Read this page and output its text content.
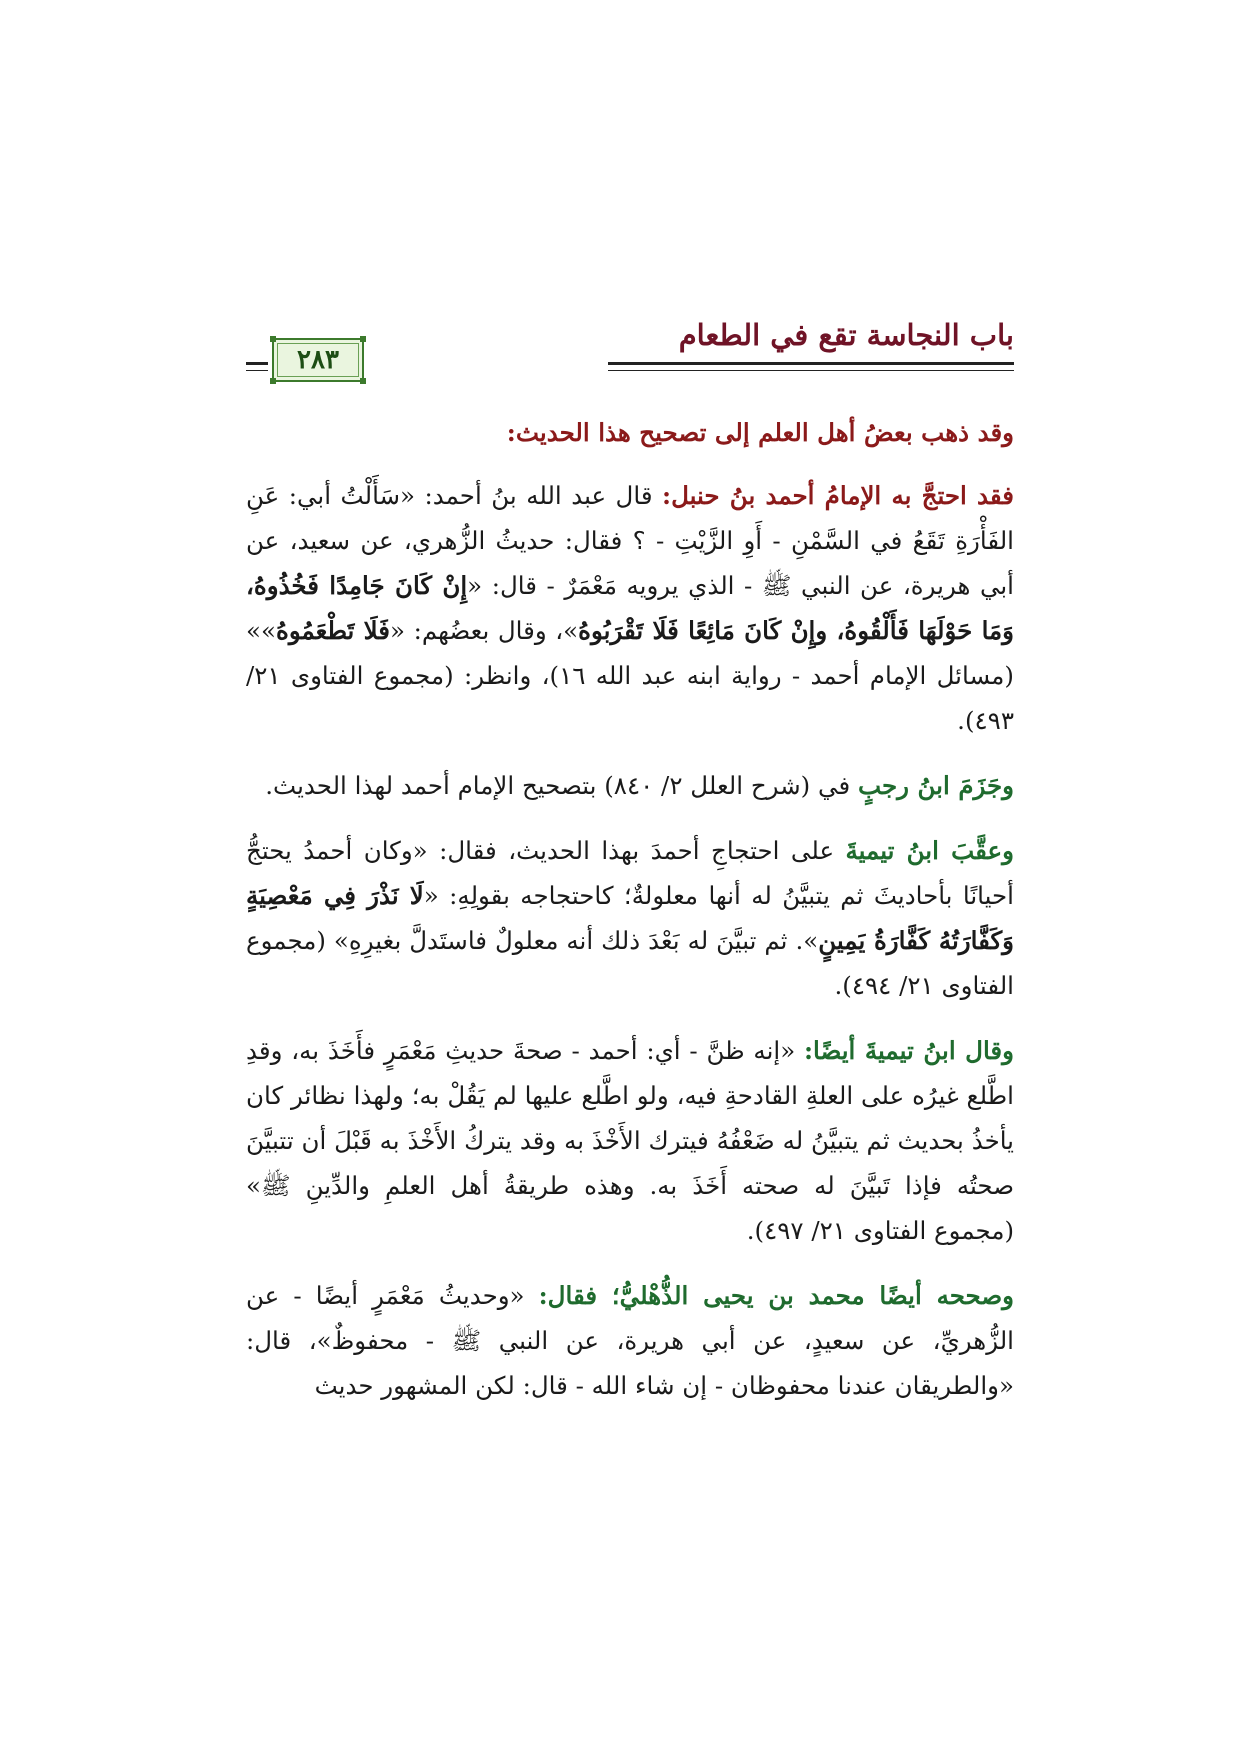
باب النجاسة تقع في الطعام
٢٨٣

وقد ذهب بعضُ أهل العلم إلى تصحيح هذا الحديث:

فقد احتجَّ به الإمامُ أحمد بنُ حنبل: قال عبد الله بنُ أحمد: «سَأَلْتُ أبي: عَنِ الفَأْرَةِ تَقَعُ في السَّمْنِ - أَوِ الزَّيْتِ - ؟ فقال: حديثُ الزُّهري، عن سعيد، عن أبي هريرة، عن النبي ﷺ - الذي يرويه مَعْمَرٌ - قال: «إِنْ كَانَ جَامِدًا فَخُذُوهُ، وَمَا حَوْلَهَا فَأَلْقُوهُ، وإِنْ كَانَ مَائِعًا فَلَا تَقْرَبُوهُ»، وقال بعضُهم: «فَلَا تَطْعَمُوهُ»» (مسائل الإمام أحمد - رواية ابنه عبد الله ١٦)، وانظر: (مجموع الفتاوى ٢١/ ٤٩٣).

وجَزَمَ ابنُ رجبٍ في (شرح العلل ٢/ ٨٤٠) بتصحيح الإمام أحمد لهذا الحديث.

وعقَّبَ ابنُ تيميةَ على احتجاجِ أحمدَ بهذا الحديث، فقال: «وكان أحمدُ يحتجُّ أحيانًا بأحاديثَ ثم يتبيَّنُ له أنها معلولةٌ؛ كاحتجاجه بقولِهِ: «لَا نَذْرَ فِي مَعْصِيَةٍ وَكَفَّارَتُهُ كَفَّارَةُ يَمِينٍ». ثم تبيَّنَ له بَعْدَ ذلك أنه معلولٌ فاستَدلَّ بغيرِهِ» (مجموع الفتاوى ٢١/ ٤٩٤).

وقال ابنُ تيميةَ أيضًا: «إنه ظنَّ - أي: أحمد - صحةَ حديثِ مَعْمَرٍ فأَخَذَ به، وقدِ اطَّلع غيرُه على العلةِ القادحةِ فيه، ولو اطَّلع عليها لم يَقُلْ به؛ ولهذا نظائر كان يأخذُ بحديث ثم يتبيَّنُ له ضَعْفُهُ فيترك الأَخْذَ به وقد يتركُ الأَخْذَ به قَبْلَ أن تتبيَّنَ صحتُه فإذا تَبيَّنَ له صحته أَخَذَ به. وهذه طريقةُ أهل العلمِ والدِّينِ ﷺ» (مجموع الفتاوى ٢١/ ٤٩٧).

وصححه أيضًا محمد بن يحيى الذُّهْليُّ؛ فقال: «وحديثُ مَعْمَرٍ أيضًا - عن الزُّهريِّ، عن سعيدٍ، عن أبي هريرة، عن النبي ﷺ - محفوظٌ»، قال: «والطريقان عندنا محفوظان - إن شاء الله - قال: لكن المشهور حديث
